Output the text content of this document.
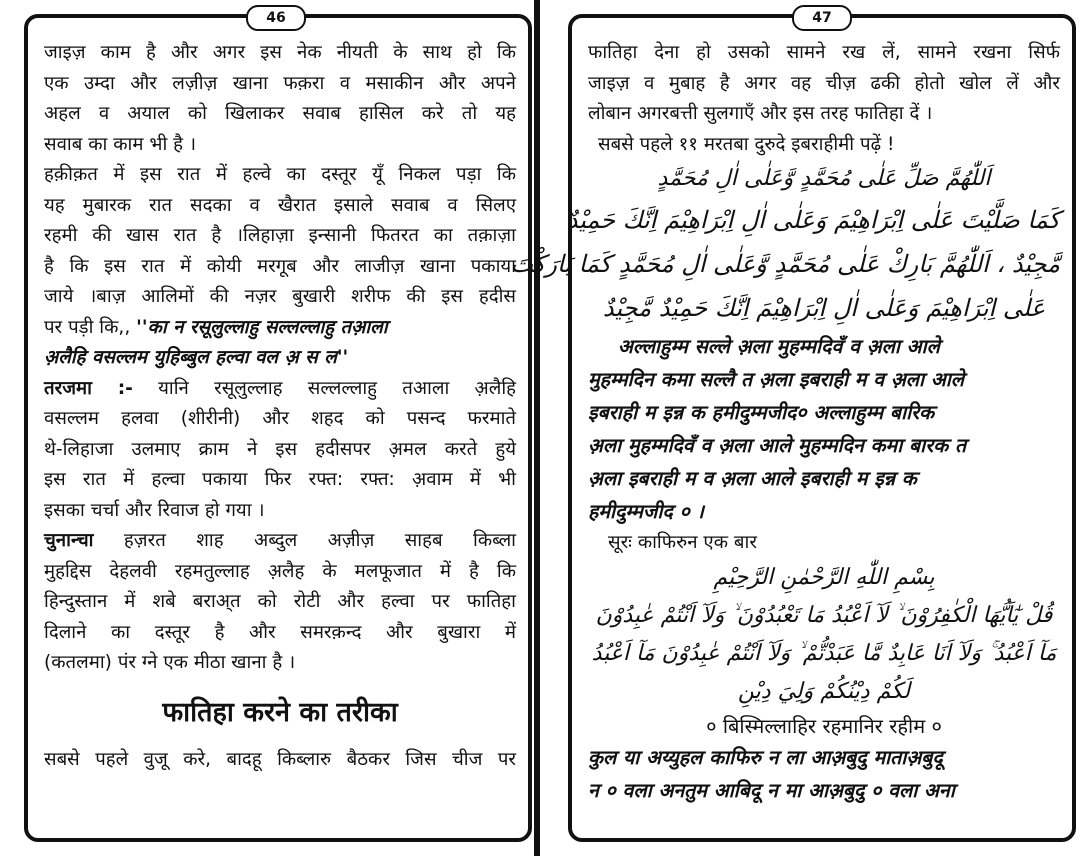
जाइज़ काम है और अगर इस नेक नीयती के साथ हो कि
एक उम्दा और लज़ीज़ खाना फक़रा व मसाकीन और अपने
अहल व अयाल को खिलाकर सवाब हासिल करे तो यह
सवाब का काम भी है ।
हक़ीक़त में इस रात में हल्वे का दस्तूर यूँ निकल पड़ा कि
यह मुबारक रात सदका व खैरात इसाले सवाब व सिलए
रहमी की खास रात है ।लिहाज़ा इन्सानी फितरत का तक़ाज़ा
है कि इस रात में कोयी मरगूब और लाजीज़ खाना पकाया
जाये ।बाज़ आलिमों की नज़र बुखारी शरीफ की इस हदीस
पर पड़ी कि,, ''का न रसूलुल्लाहु सल्लल्लाहु तआ़ला
अ़लैहि वसल्लम युहिब्बुल हल्वा वल अ़ स ल''
तरजमा :- यानि रसूलुल्लाह सल्लल्लाहु तआला अ़लैहि
वसल्लम हलवा (शीरीनी) और शहद को पसन्द फरमाते
थे-लिहाजा उलमाए क्राम ने इस हदीसपर अ़मल करते हुये
इस रात में हल्वा पकाया फिर रफ्त: रफ्त: अ़वाम में भी
इसका चर्चा और रिवाज हो गया ।
चुनान्चा हज़रत शाह अब्दुल अज़ीज़ साहब किब्ला
मुहद्दिस देहलवी रहमतुल्लाह अ़लैह के मलफूजात में है कि
हिन्दुस्तान में शबे बराअ्त को रोटी और हल्वा पर फातिहा
दिलाने का दस्तूर है और समरक़न्द और बुखारा में
(कतलमा) पंर ग्ने एक मीठा खाना है ।
फातिहा करने का तरीका
सबसे पहले वुजू करे, बादहू किब्लारु बैठकर जिस चीज पर
46
फातिहा देना हो उसको सामने रख लें, सामने रखना सिर्फ
जाइज़ व मुबाह है अगर वह चीज़ ढकी होतो खोल लें और
लोबान अगरबत्ती सुलगाएँ और इस तरह फातिहा दें ।
सबसे पहले ११ मरतबा दुरुदे इबराहीमी पढ़ें !
اَللّٰهُمَّ صَلِّ عَلٰى مُحَمَّدٍ وَّعَلٰى اٰلِ مُحَمَّدٍ
كَمَا صَلَّيْتَ عَلٰى اِبْرَاهِيْمَ وَعَلٰى اٰلِ اِبْرَاهِيْمَ اِنَّكَ حَمِيْدٌ
مَّجِيْدٌ ، اَللّٰهُمَّ بَارِكْ عَلٰى مُحَمَّدٍ وَّعَلٰى اٰلِ مُحَمَّدٍ كَمَا بَارَكْتَ
عَلٰى اِبْرَاهِيْمَ وَعَلٰى اٰلِ اِبْرَاهِيْمَ اِنَّكَ حَمِيْدٌ مَّجِيْدٌ
अल्लाहुम्म सल्ले अ़ला मुहम्मदिवँ व अ़ला आले
मुहम्मदिन कमा सल्लै त अ़ला इबराही म व अ़ला आले
इबराही म इन्न क हमीदुम्मजीद० अल्लाहुम्म बारिक
अ़ला मुहम्मदिवँ व अ़ला आले मुहम्मदिन कमा बारक त
अ़ला इबराही म व अ़ला आले इबराही म इन्न क
हमीदुम्मजीद ० ।
सूरः काफिरुन एक बार
بِسْمِ اللّٰهِ الرَّحْمٰنِ الرَّحِيْمِ
قُلْ يٰٓاَيُّهَا الْكٰفِرُوْنَ ۙ لَآ اَعْبُدُ مَا تَعْبُدُوْنَ ۙ وَلَآ اَنْتُمْ عٰبِدُوْنَ
مَآ اَعْبُدُ ۚ وَلَآ اَنَا عَابِدٌ مَّا عَبَدْتُّمْ ۙ وَلَآ اَنْتُمْ عٰبِدُوْنَ مَآ اَعْبُدُ
لَكُمْ دِيْنُكُمْ وَلِيَ دِيْنِ
० बिस्मिल्लाहिर रहमानिर रहीम ०
कुल या अय्युहल काफिरु न ला आअ़बुदु माताअ़बुदू
न ० वला अनतुम आबिदू न मा आअ़बुदु ० वला अना
47
